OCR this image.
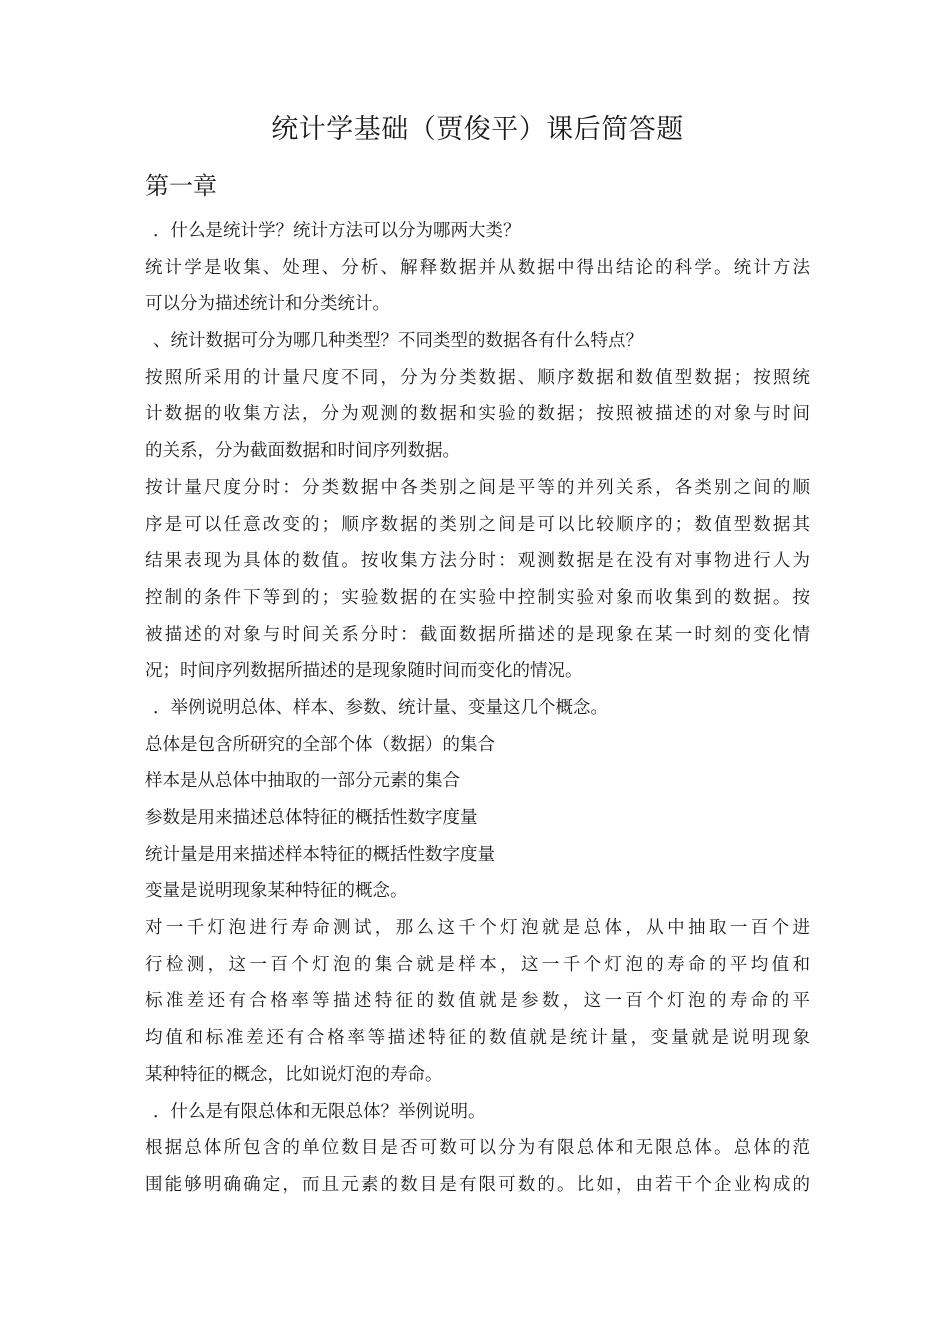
统计学基础（贾俊平）课后简答题
第一章

．什么是统计学？统计方法可以分为哪两大类？

统计学是收集、处理、分析、解释数据并从数据中得出结论的科学。统计方法

可以分为描述统计和分类统计。

、统计数据可分为哪几种类型？不同类型的数据各有什么特点？

按照所采用的计量尺度不同，分为分类数据、顺序数据和数值型数据；按照统

计数据的收集方法，分为观测的数据和实验的数据；按照被描述的对象与时间

的关系，分为截面数据和时间序列数据。

按计量尺度分时：分类数据中各类别之间是平等的并列关系，各类别之间的顺

序是可以任意改变的；顺序数据的类别之间是可以比较顺序的；数值型数据其

结果表现为具体的数值。按收集方法分时：观测数据是在没有对事物进行人为

控制的条件下等到的；实验数据的在实验中控制实验对象而收集到的数据。按

被描述的对象与时间关系分时：截面数据所描述的是现象在某一时刻的变化情

况；时间序列数据所描述的是现象随时间而变化的情况。

．举例说明总体、样本、参数、统计量、变量这几个概念。

总体是包含所研究的全部个体（数据）的集合

样本是从总体中抽取的一部分元素的集合

参数是用来描述总体特征的概括性数字度量

统计量是用来描述样本特征的概括性数字度量

变量是说明现象某种特征的概念。

对一千灯泡进行寿命测试，那么这千个灯泡就是总体，从中抽取一百个进

行检测，这一百个灯泡的集合就是样本，这一千个灯泡的寿命的平均值和

标准差还有合格率等描述特征的数值就是参数，这一百个灯泡的寿命的平

均值和标准差还有合格率等描述特征的数值就是统计量，变量就是说明现象

某种特征的概念，比如说灯泡的寿命。

．什么是有限总体和无限总体？举例说明。

根据总体所包含的单位数目是否可数可以分为有限总体和无限总体。总体的范

围能够明确确定，而且元素的数目是有限可数的。比如，由若干个企业构成的
